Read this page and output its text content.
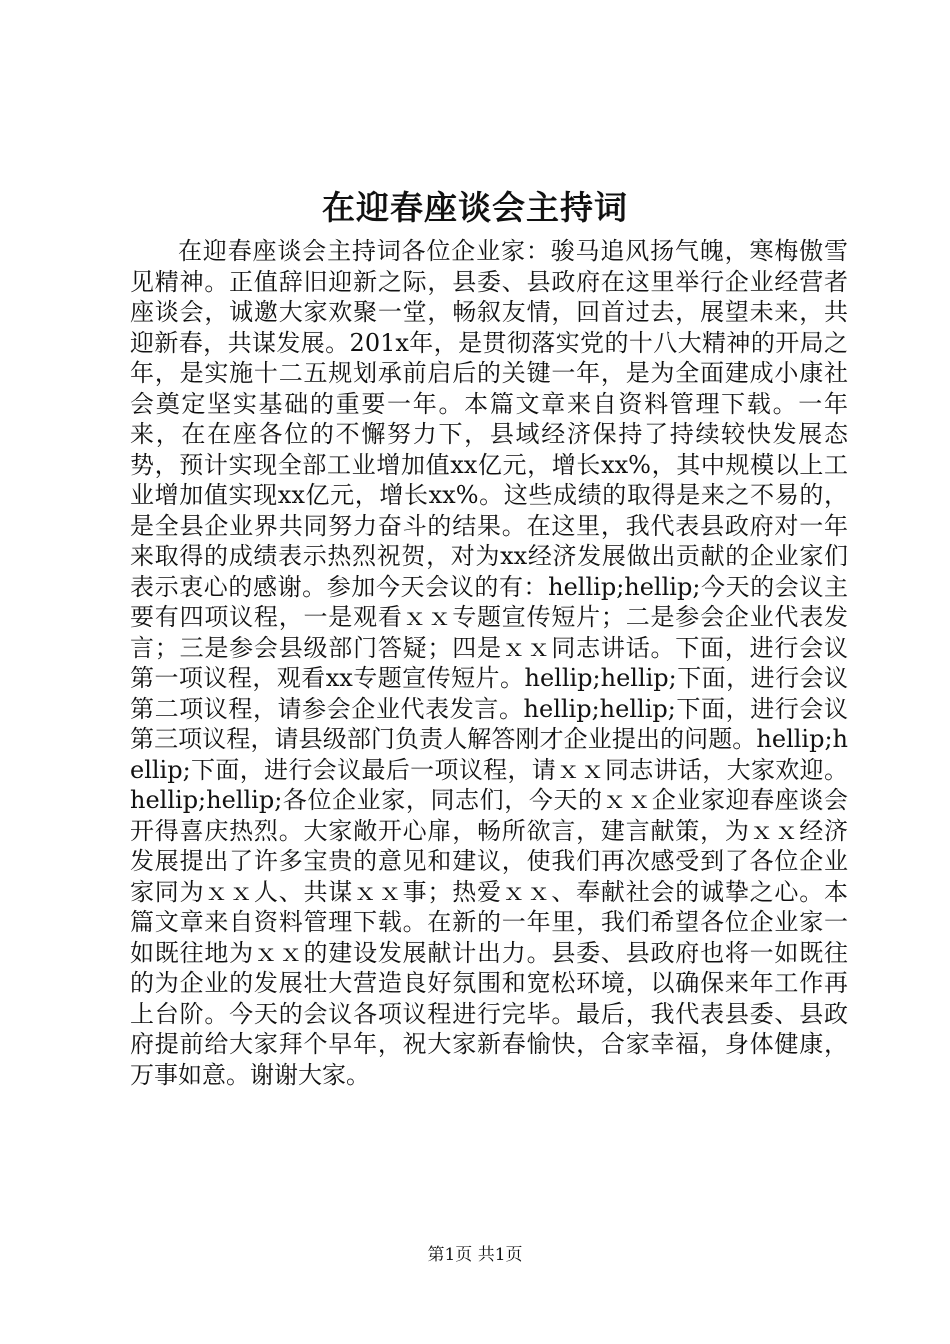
在迎春座谈会主持词

在迎春座谈会主持词各位企业家：骏马追风扬气魄，寒梅傲雪见精神。正值辞旧迎新之际，县委、县政府在这里举行企业经营者座谈会，诚邀大家欢聚一堂，畅叙友情，回首过去，展望未来，共迎新春，共谋发展。201x年，是贯彻落实党的十八大精神的开局之年，是实施十二五规划承前启后的关键一年，是为全面建成小康社会奠定坚实基础的重要一年。本篇文章来自资料管理下载。一年来，在在座各位的不懈努力下，县域经济保持了持续较快发展态势，预计实现全部工业增加值xx亿元，增长xx%，其中规模以上工业增加值实现xx亿元，增长xx%。这些成绩的取得是来之不易的，是全县企业界共同努力奋斗的结果。在这里，我代表县政府对一年来取得的成绩表示热烈祝贺，对为xx经济发展做出贡献的企业家们表示衷心的感谢。参加今天会议的有：hellip;hellip;今天的会议主要有四项议程，一是观看ｘｘ专题宣传短片；二是参会企业代表发言；三是参会县级部门答疑；四是ｘｘ同志讲话。下面，进行会议第一项议程，观看xx专题宣传短片。hellip;hellip;下面，进行会议第二项议程，请参会企业代表发言。hellip;hellip;下面，进行会议第三项议程，请县级部门负责人解答刚才企业提出的问题。hellip;hellip;下面，进行会议最后一项议程，请ｘｘ同志讲话，大家欢迎。hellip;hellip;各位企业家，同志们，今天的ｘｘ企业家迎春座谈会开得喜庆热烈。大家敞开心扉，畅所欲言，建言献策，为ｘｘ经济发展提出了许多宝贵的意见和建议，使我们再次感受到了各位企业家同为ｘｘ人、共谋ｘｘ事；热爱ｘｘ、奉献社会的诚挚之心。本篇文章来自资料管理下载。在新的一年里，我们希望各位企业家一如既往地为ｘｘ的建设发展献计出力。县委、县政府也将一如既往的为企业的发展壮大营造良好氛围和宽松环境，以确保来年工作再上台阶。今天的会议各项议程进行完毕。最后，我代表县委、县政府提前给大家拜个早年，祝大家新春愉快，合家幸福，身体健康，万事如意。谢谢大家。

第1页 共1页
